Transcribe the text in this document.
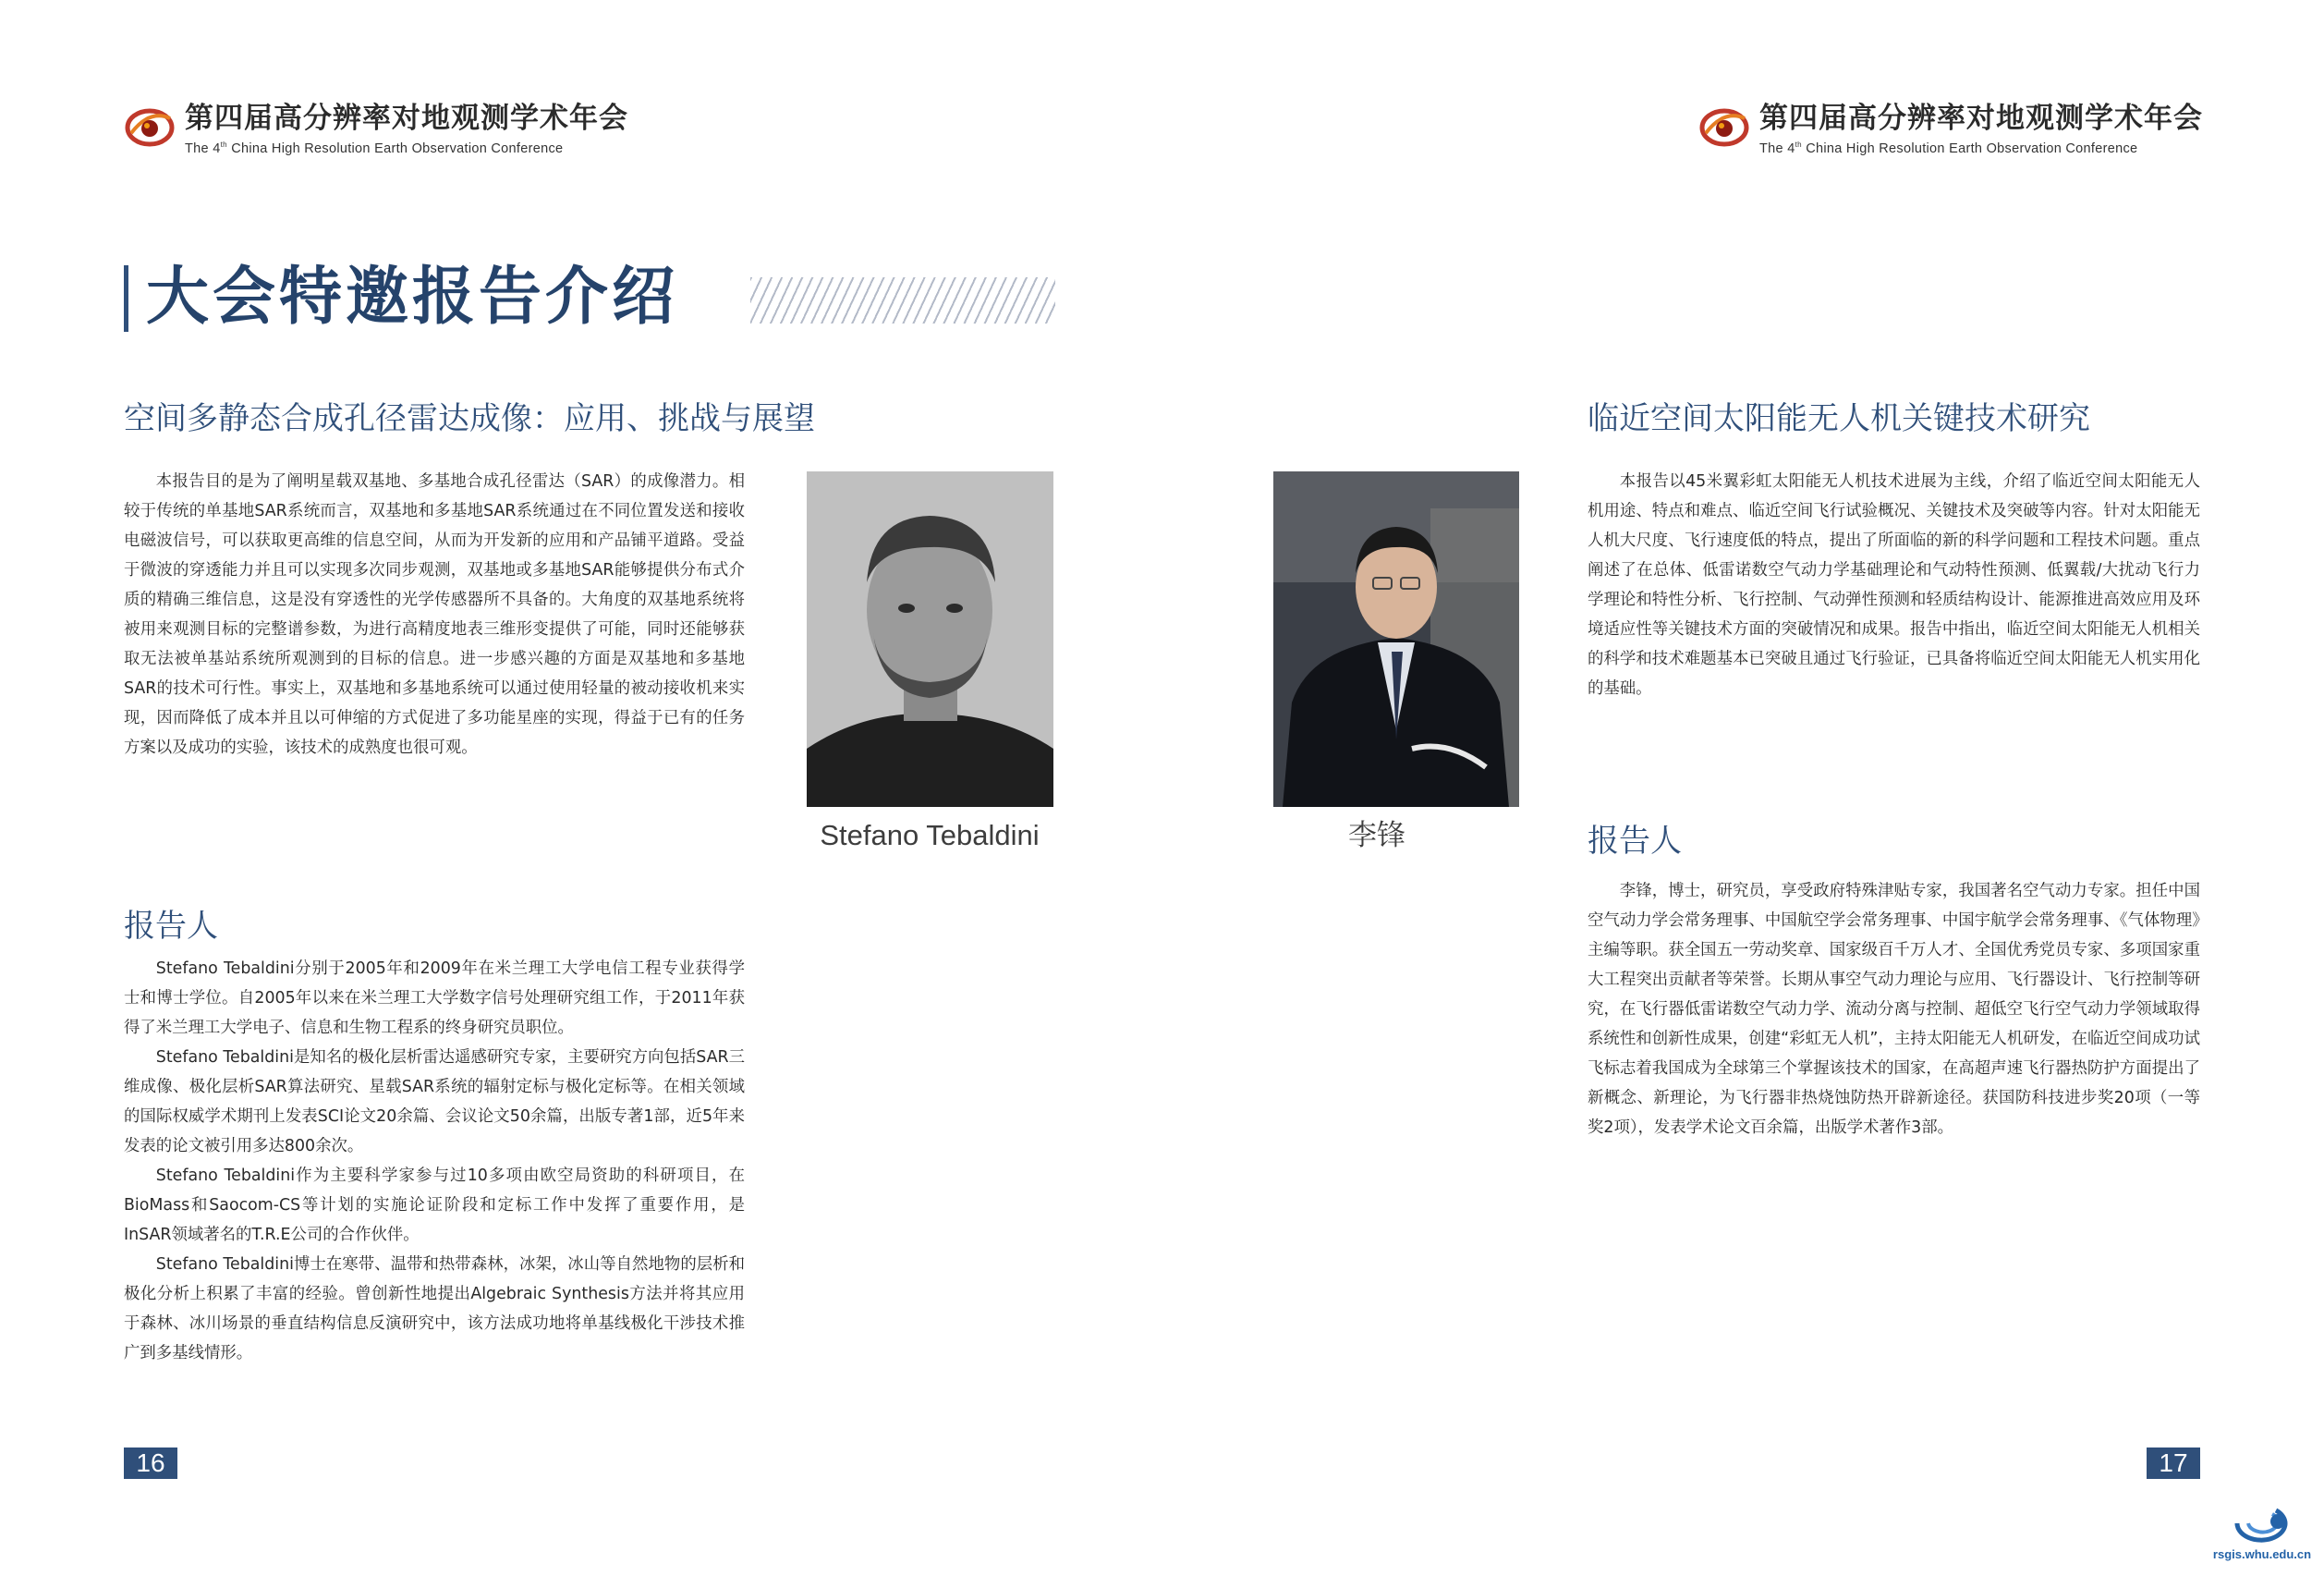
第四届高分辨率对地观测学术年会
The 4th China High Resolution Earth Observation Conference
第四届高分辨率对地观测学术年会
The 4th China High Resolution Earth Observation Conference
大会特邀报告介绍
空间多静态合成孔径雷达成像：应用、挑战与展望

本报告目的是为了阐明星载双基地、多基地合成孔径雷达（SAR）的成像潜力。相较于传统的单基地SAR系统而言，双基地和多基地SAR系统通过在不同位置发送和接收电磁波信号，可以获取更高维的信息空间，从而为开发新的应用和产品铺平道路。受益于微波的穿透能力并且可以实现多次同步观测，双基地或多基地SAR能够提供分布式介质的精确三维信息，这是没有穿透性的光学传感器所不具备的。大角度的双基地系统将被用来观测目标的完整谱参数，为进行高精度地表三维形变提供了可能，同时还能够获取无法被单基站系统所观测到的目标的信息。进一步感兴趣的方面是双基地和多基地SAR的技术可行性。事实上，双基地和多基地系统可以通过使用轻量的被动接收机来实现，因而降低了成本并且以可伸缩的方式促进了多功能星座的实现，得益于已有的任务方案以及成功的实验，该技术的成熟度也很可观。

Stefano Tebaldini
报告人

Stefano Tebaldini分别于2005年和2009年在米兰理工大学电信工程专业获得学士和博士学位。自2005年以来在米兰理工大学数字信号处理研究组工作，于2011年获得了米兰理工大学电子、信息和生物工程系的终身研究员职位。

Stefano Tebaldini是知名的极化层析雷达遥感研究专家，主要研究方向包括SAR三维成像、极化层析SAR算法研究、星载SAR系统的辐射定标与极化定标等。在相关领域的国际权威学术期刊上发表SCI论文20余篇、会议论文50余篇，出版专著1部，近5年来发表的论文被引用多达800余次。

Stefano Tebaldini作为主要科学家参与过10多项由欧空局资助的科研项目，在BioMass和Saocom-CS等计划的实施论证阶段和定标工作中发挥了重要作用，是InSAR领域著名的T.R.E公司的合作伙伴。

Stefano Tebaldini博士在寒带、温带和热带森林，冰架，冰山等自然地物的层析和极化分析上积累了丰富的经验。曾创新性地提出Algebraic Synthesis方法并将其应用于森林、冰川场景的垂直结构信息反演研究中，该方法成功地将单基线极化干涉技术推广到多基线情形。

16
李锋
临近空间太阳能无人机关键技术研究

本报告以45米翼彩虹太阳能无人机技术进展为主线，介绍了临近空间太阳能无人机用途、特点和难点、临近空间飞行试验概况、关键技术及突破等内容。针对太阳能无人机大尺度、飞行速度低的特点，提出了所面临的新的科学问题和工程技术问题。重点阐述了在总体、低雷诺数空气动力学基础理论和气动特性预测、低翼载/大扰动飞行力学理论和特性分析、飞行控制、气动弹性预测和轻质结构设计、能源推进高效应用及环境适应性等关键技术方面的突破情况和成果。报告中指出，临近空间太阳能无人机相关的科学和技术难题基本已突破且通过飞行验证，已具备将临近空间太阳能无人机实用化的基础。

报告人

李锋，博士，研究员，享受政府特殊津贴专家，我国著名空气动力专家。担任中国空气动力学会常务理事、中国航空学会常务理事、中国宇航学会常务理事、《气体物理》主编等职。获全国五一劳动奖章、国家级百千万人才、全国优秀党员专家、多项国家重大工程突出贡献者等荣誉。长期从事空气动力理论与应用、飞行器设计、飞行控制等研究，在飞行器低雷诺数空气动力学、流动分离与控制、超低空飞行空气动力学领域取得系统性和创新性成果，创建“彩虹无人机”，主持太阳能无人机研发，在临近空间成功试飞标志着我国成为全球第三个掌握该技术的国家，在高超声速飞行器热防护方面提出了新概念、新理论，为飞行器非热烧蚀防热开辟新途径。获国防科技进步奖20项（一等奖2项），发表学术论文百余篇，出版学术著作3部。

17
rsgis.whu.edu.cn
